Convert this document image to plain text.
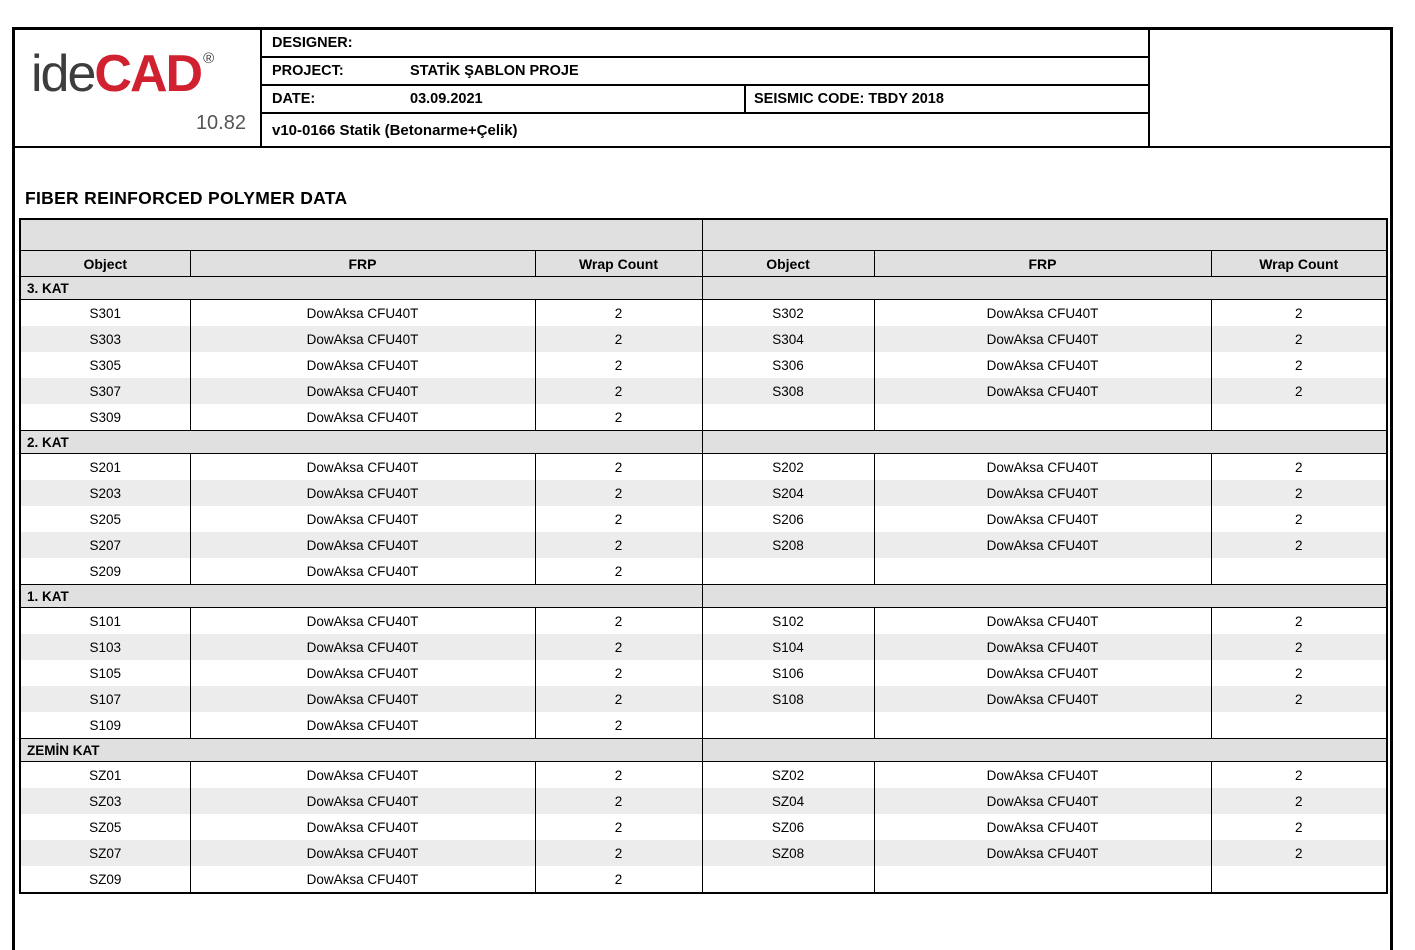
ideCAD ®
10.82
DESIGNER:
PROJECT:	STATİK ŞABLON PROJE
DATE:	03.09.2021	SEISMIC CODE: TBDY 2018
v10-0166 Statik (Betonarme+Çelik)
FIBER REINFORCED POLYMER DATA

Object	FRP	Wrap Count	Object	FRP	Wrap Count
3. KAT					
S301	DowAksa CFU40T	2	S302	DowAksa CFU40T	2
S303	DowAksa CFU40T	2	S304	DowAksa CFU40T	2
S305	DowAksa CFU40T	2	S306	DowAksa CFU40T	2
S307	DowAksa CFU40T	2	S308	DowAksa CFU40T	2
S309	DowAksa CFU40T	2			
2. KAT					
S201	DowAksa CFU40T	2	S202	DowAksa CFU40T	2
S203	DowAksa CFU40T	2	S204	DowAksa CFU40T	2
S205	DowAksa CFU40T	2	S206	DowAksa CFU40T	2
S207	DowAksa CFU40T	2	S208	DowAksa CFU40T	2
S209	DowAksa CFU40T	2			
1. KAT					
S101	DowAksa CFU40T	2	S102	DowAksa CFU40T	2
S103	DowAksa CFU40T	2	S104	DowAksa CFU40T	2
S105	DowAksa CFU40T	2	S106	DowAksa CFU40T	2
S107	DowAksa CFU40T	2	S108	DowAksa CFU40T	2
S109	DowAksa CFU40T	2			
ZEMİN KAT					
SZ01	DowAksa CFU40T	2	SZ02	DowAksa CFU40T	2
SZ03	DowAksa CFU40T	2	SZ04	DowAksa CFU40T	2
SZ05	DowAksa CFU40T	2	SZ06	DowAksa CFU40T	2
SZ07	DowAksa CFU40T	2	SZ08	DowAksa CFU40T	2
SZ09	DowAksa CFU40T	2			
